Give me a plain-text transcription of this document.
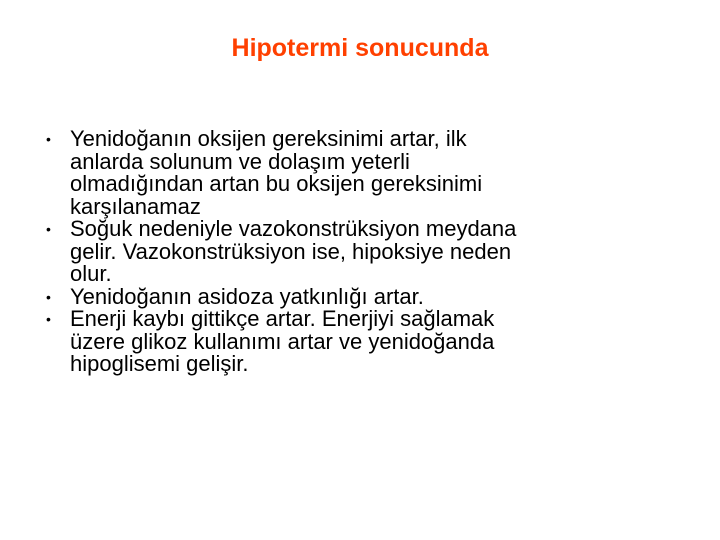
Hipotermi sonucunda
• Yenidoğanın oksijen gereksinimi artar, ilk
anlarda solunum ve dolaşım yeterli
olmadığından artan bu oksijen gereksinimi
karşılanamaz
• Soğuk nedeniyle vazokonstrüksiyon meydana
gelir. Vazokonstrüksiyon ise, hipoksiye neden
olur.
• Yenidoğanın asidoza yatkınlığı artar.
• Enerji kaybı gittikçe artar. Enerjiyi sağlamak
üzere glikoz kullanımı artar ve yenidoğanda
hipoglisemi gelişir.
